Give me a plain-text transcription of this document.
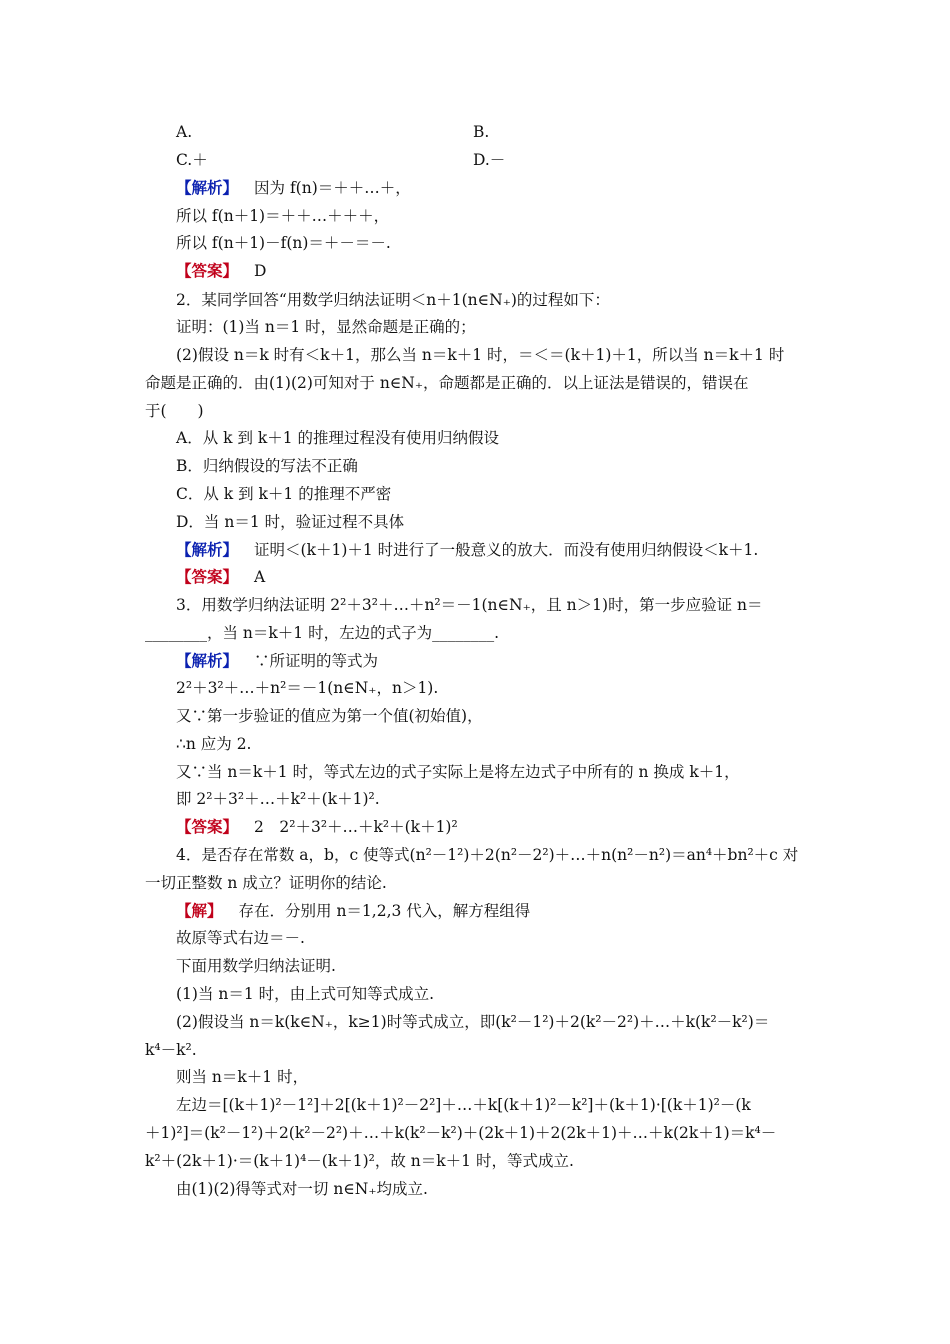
A.	B.
C.＋	D.－
【解析】 因为 f(n)＝＋＋…＋，
所以 f(n＋1)＝＋＋…＋＋＋，
所以 f(n＋1)－f(n)＝＋－＝－.
【答案】 D
2．某同学回答“用数学归纳法证明＜n＋1(n∈N₊)的过程如下：
证明：(1)当 n＝1 时，显然命题是正确的；
(2)假设 n＝k 时有＜k＋1，那么当 n＝k＋1 时，＝＜＝(k＋1)＋1，所以当 n＝k＋1 时
命题是正确的．由(1)(2)可知对于 n∈N₊，命题都是正确的．以上证法是错误的，错误在
于(　　)
A．从 k 到 k＋1 的推理过程没有使用归纳假设
B．归纳假设的写法不正确
C．从 k 到 k＋1 的推理不严密
D．当 n＝1 时，验证过程不具体
【解析】 证明＜(k＋1)＋1 时进行了一般意义的放大．而没有使用归纳假设＜k＋1.
【答案】 A
3．用数学归纳法证明 2²＋3²＋…＋n²＝－1(n∈N₊，且 n＞1)时，第一步应验证 n＝
________，当 n＝k＋1 时，左边的式子为________.
【解析】 ∵所证明的等式为
2²＋3²＋…＋n²＝－1(n∈N₊，n＞1).
又∵第一步验证的值应为第一个值(初始值)，
∴n 应为 2.
又∵当 n＝k＋1 时，等式左边的式子实际上是将左边式子中所有的 n 换成 k＋1，
即 2²＋3²＋…＋k²＋(k＋1)².
【答案】 2　2²＋3²＋…＋k²＋(k＋1)²
4．是否存在常数 a，b，c 使等式(n²－1²)＋2(n²－2²)＋…＋n(n²－n²)＝an⁴＋bn²＋c 对
一切正整数 n 成立？证明你的结论.
【解】 存在．分别用 n＝1,2,3 代入，解方程组得
故原等式右边＝－.
下面用数学归纳法证明.
(1)当 n＝1 时，由上式可知等式成立.
(2)假设当 n＝k(k∈N₊，k≥1)时等式成立，即(k²－1²)＋2(k²－2²)＋…＋k(k²－k²)＝
k⁴－k².
则当 n＝k＋1 时，
左边＝[(k＋1)²－1²]＋2[(k＋1)²－2²]＋…＋k[(k＋1)²－k²]＋(k＋1)·[(k＋1)²－(k
＋1)²]＝(k²－1²)＋2(k²－2²)＋…＋k(k²－k²)＋(2k＋1)＋2(2k＋1)＋…＋k(2k＋1)＝k⁴－
k²＋(2k＋1)·＝(k＋1)⁴－(k＋1)²，故 n＝k＋1 时，等式成立.
由(1)(2)得等式对一切 n∈N₊均成立.
